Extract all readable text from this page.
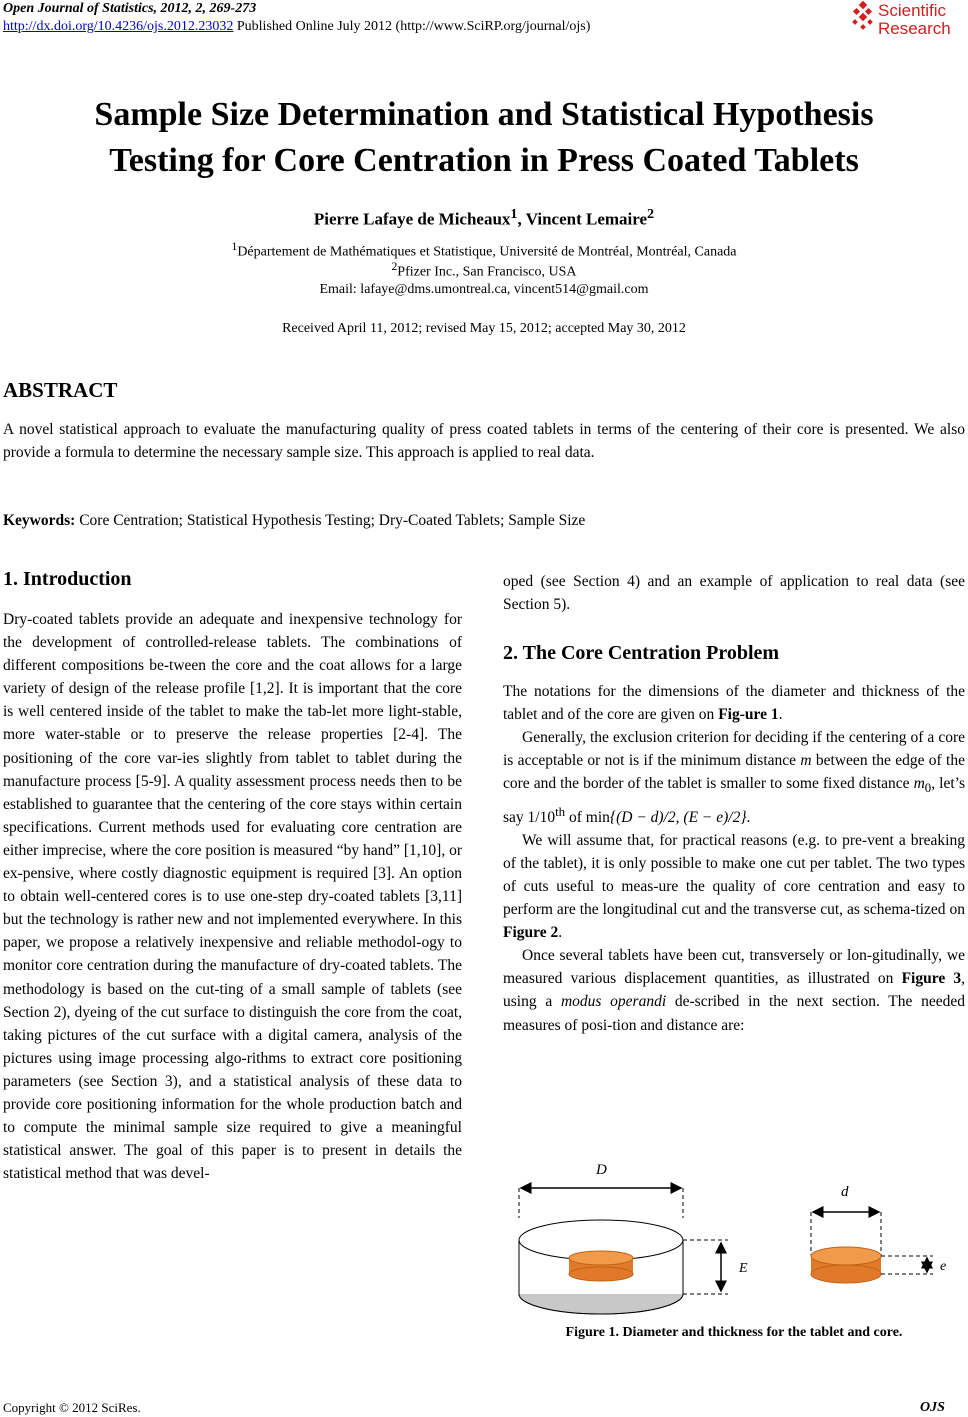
Open Journal of Statistics, 2012, 2, 269-273
http://dx.doi.org/10.4236/ojs.2012.23032 Published Online July 2012 (http://www.SciRP.org/journal/ojs)
Scientific
Research
Sample Size Determination and Statistical Hypothesis
Testing for Core Centration in Press Coated Tablets
Pierre Lafaye de Micheaux$^1$, Vincent Lemaire$^2$
$^1$Département de Mathématiques et Statistique, Université de Montréal, Montréal, Canada
$^2$Pfizer Inc., San Francisco, USA
Email: lafaye@dms.umontreal.ca, vincent514@gmail.com
Received April 11, 2012; revised May 15, 2012; accepted May 30, 2012
ABSTRACT
A novel statistical approach to evaluate the manufacturing quality of press coated tablets in terms of the centering of their core is presented. We also provide a formula to determine the necessary sample size. This approach is applied to real data.
Keywords: Core Centration; Statistical Hypothesis Testing; Dry-Coated Tablets; Sample Size
1. Introduction
Dry-coated tablets provide an adequate and inexpensive technology for the development of controlled-release tablets. The combinations of different compositions be-tween the core and the coat allows for a large variety of design of the release profile [1,2]. It is important that the core is well centered inside of the tablet to make the tab-let more light-stable, more water-stable or to preserve the release properties [2-4]. The positioning of the core var-ies slightly from tablet to tablet during the manufacture process [5-9]. A quality assessment process needs then to be established to guarantee that the centering of the core stays within certain specifications. Current methods used for evaluating core centration are either imprecise, where the core position is measured “by hand” [1,10], or ex-pensive, where costly diagnostic equipment is required [3]. An option to obtain well-centered cores is to use one-step dry-coated tablets [3,11] but the technology is rather new and not implemented everywhere. In this paper, we propose a relatively inexpensive and reliable methodol-ogy to monitor core centration during the manufacture of dry-coated tablets. The methodology is based on the cut-ting of a small sample of tablets (see Section 2), dyeing of the cut surface to distinguish the core from the coat, taking pictures of the cut surface with a digital camera, analysis of the pictures using image processing algo-rithms to extract core positioning parameters (see Section 3), and a statistical analysis of these data to provide core positioning information for the whole production batch and to compute the minimal sample size required to give a meaningful statistical answer. The goal of this paper is to present in details the statistical method that was devel-
oped (see Section 4) and an example of application to real data (see Section 5).
2. The Core Centration Problem

The notations for the dimensions of the diameter and thickness of the tablet and of the core are given on Fig-ure 1.

Generally, the exclusion criterion for deciding if the centering of a core is acceptable or not is if the minimum distance m between the edge of the core and the border of the tablet is smaller to some fixed distance $m_0$, let’s say 1/10th of min{(D − d)/2, (E − e)/2}.

We will assume that, for practical reasons (e.g. to pre-vent a breaking of the tablet), it is only possible to make one cut per tablet. The two types of cuts useful to meas-ure the quality of core centration and easy to perform are the longitudinal cut and the transverse cut, as schema-tized on Figure 2.

Once several tablets have been cut, transversely or lon-gitudinally, we measured various displacement quantities, as illustrated on Figure 3, using a modus operandi de-scribed in the next section. The needed measures of posi-tion and distance are:

D
E
d
e
Figure 1. Diameter and thickness for the tablet and core.
Copyright © 2012 SciRes.	OJS
